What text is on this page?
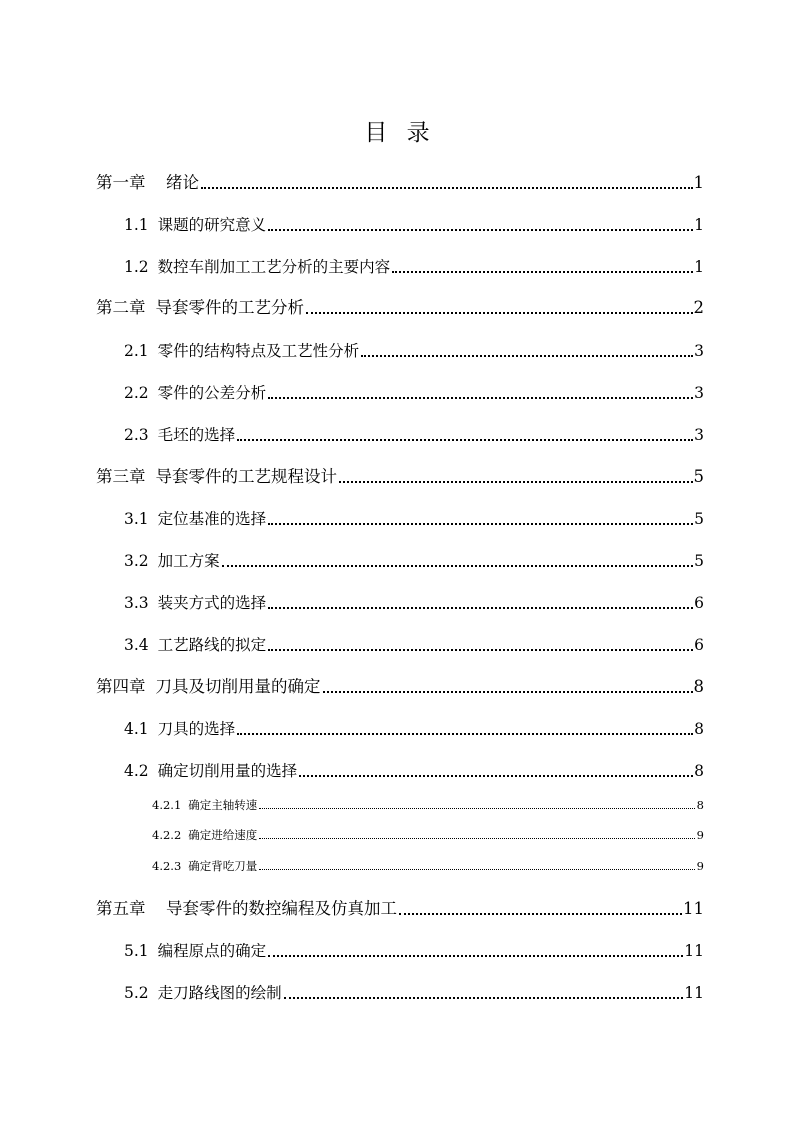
目 录
第一章 绪论	1
1.1 课题的研究意义	1
1.2 数控车削加工工艺分析的主要内容	1
第二章 导套零件的工艺分析	2
2.1 零件的结构特点及工艺性分析	3
2.2 零件的公差分析	3
2.3 毛坯的选择	3
第三章 导套零件的工艺规程设计	5
3.1 定位基准的选择	5
3.2 加工方案	5
3.3 装夹方式的选择	6
3.4 工艺路线的拟定	6
第四章 刀具及切削用量的确定	8
4.1 刀具的选择	8
4.2 确定切削用量的选择	8
4.2.1 确定主轴转速	8
4.2.2 确定进给速度	9
4.2.3 确定背吃刀量	9
第五章 导套零件的数控编程及仿真加工	11
5.1 编程原点的确定	11
5.2 走刀路线图的绘制	11
